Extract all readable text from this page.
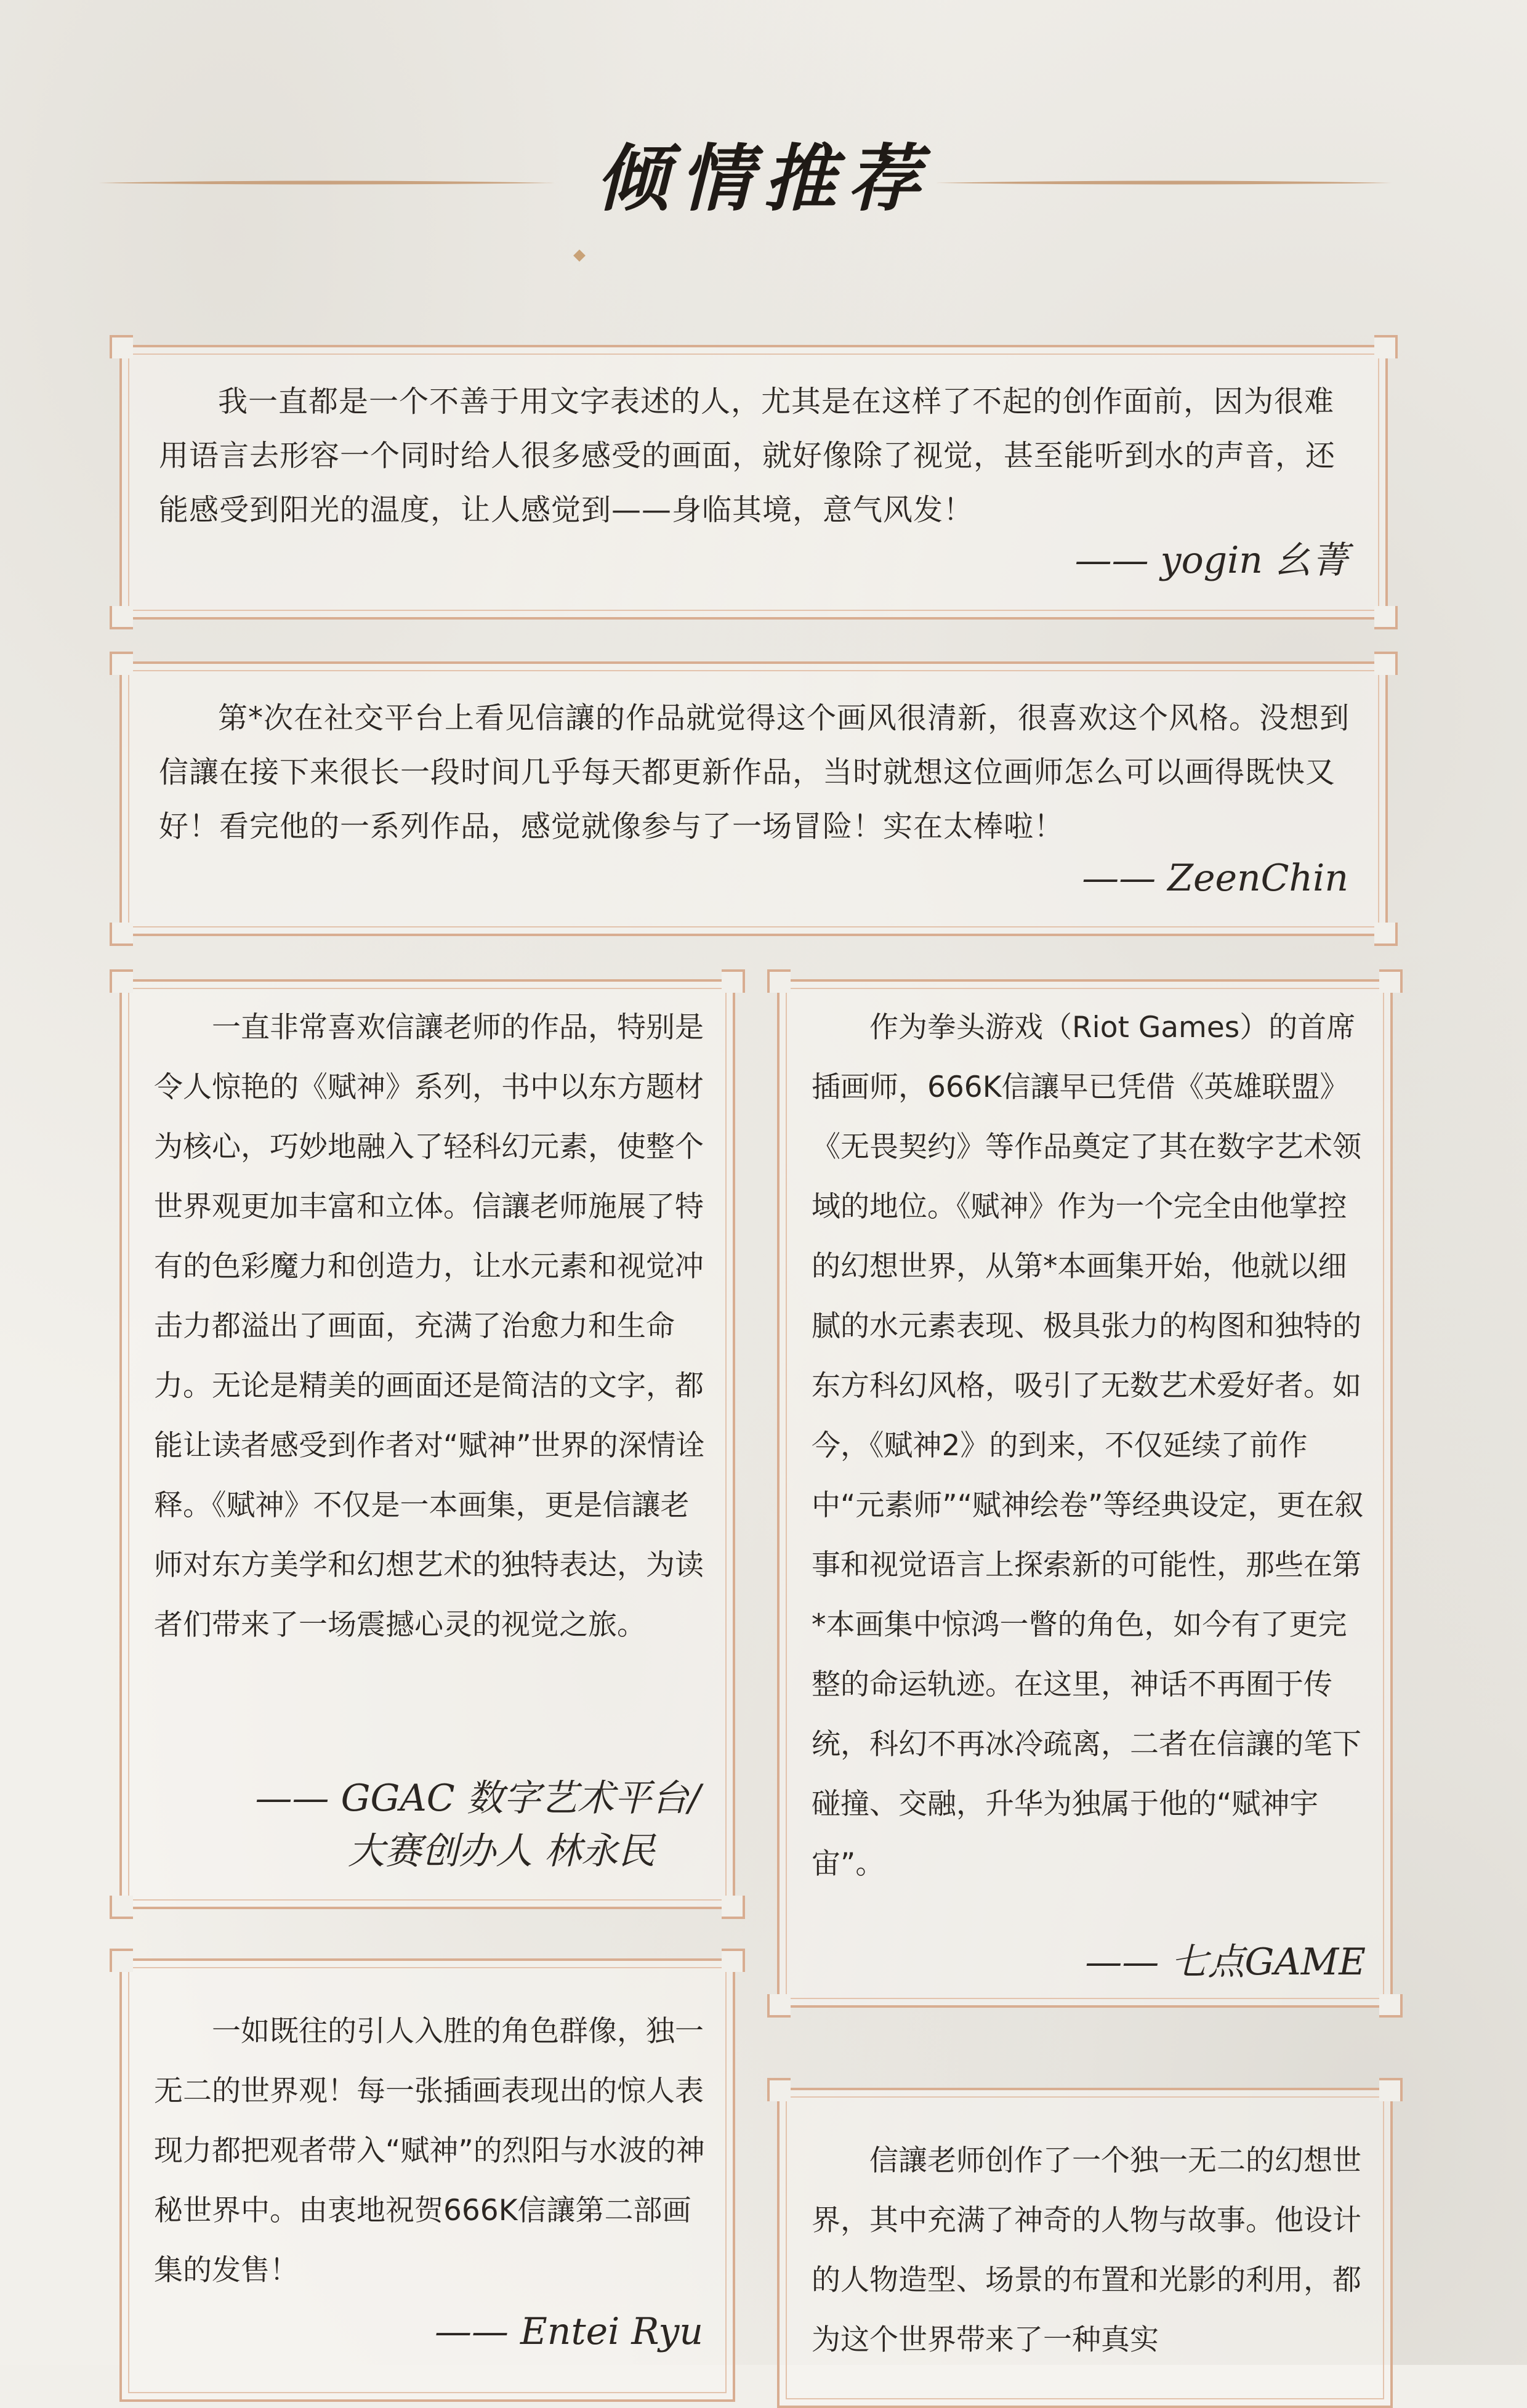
倾情推荐

我一直都是一个不善于用文字表述的人，尤其是在这样了不起的创作面前，因为很难用语言去形容一个同时给人很多感受的画面，就好像除了视觉，甚至能听到水的声音，还能感受到阳光的温度，让人感觉到——身临其境，意气风发！

—— yogin 幺菁

第*次在社交平台上看见信讓的作品就觉得这个画风很清新，很喜欢这个风格。没想到信讓在接下来很长一段时间几乎每天都更新作品，当时就想这位画师怎么可以画得既快又好！看完他的一系列作品，感觉就像参与了一场冒险！实在太棒啦！

—— ZeenChin

一直非常喜欢信讓老师的作品，特别是令人惊艳的《赋神》系列，书中以东方题材为核心，巧妙地融入了轻科幻元素，使整个世界观更加丰富和立体。信讓老师施展了特有的色彩魔力和创造力，让水元素和视觉冲击力都溢出了画面，充满了治愈力和生命力。无论是精美的画面还是简洁的文字，都能让读者感受到作者对“赋神”世界的深情诠释。《赋神》不仅是一本画集，更是信讓老师对东方美学和幻想艺术的独特表达，为读者们带来了一场震撼心灵的视觉之旅。

—— GGAC 数字艺术平台/

大赛创办人 林永民

作为拳头游戏（Riot Games）的首席插画师，666K信讓早已凭借《英雄联盟》《无畏契约》等作品奠定了其在数字艺术领域的地位。《赋神》作为一个完全由他掌控的幻想世界，从第*本画集开始，他就以细腻的水元素表现、极具张力的构图和独特的东方科幻风格，吸引了无数艺术爱好者。如今，《赋神2》的到来，不仅延续了前作中“元素师”“赋神绘卷”等经典设定，更在叙事和视觉语言上探索新的可能性，那些在第*本画集中惊鸿一瞥的角色，如今有了更完整的命运轨迹。在这里，神话不再囿于传统，科幻不再冰冷疏离，二者在信讓的笔下碰撞、交融，升华为独属于他的“赋神宇宙”。

—— 七点GAME

一如既往的引人入胜的角色群像，独一无二的世界观！每一张插画表现出的惊人表现力都把观者带入“赋神”的烈阳与水波的神秘世界中。由衷地祝贺666K信讓第二部画集的发售！

—— Entei Ryu

信讓老师创作了一个独一无二的幻想世界，其中充满了神奇的人物与故事。他设计的人物造型、场景的布置和光影的利用，都为这个世界带来了一种真实
